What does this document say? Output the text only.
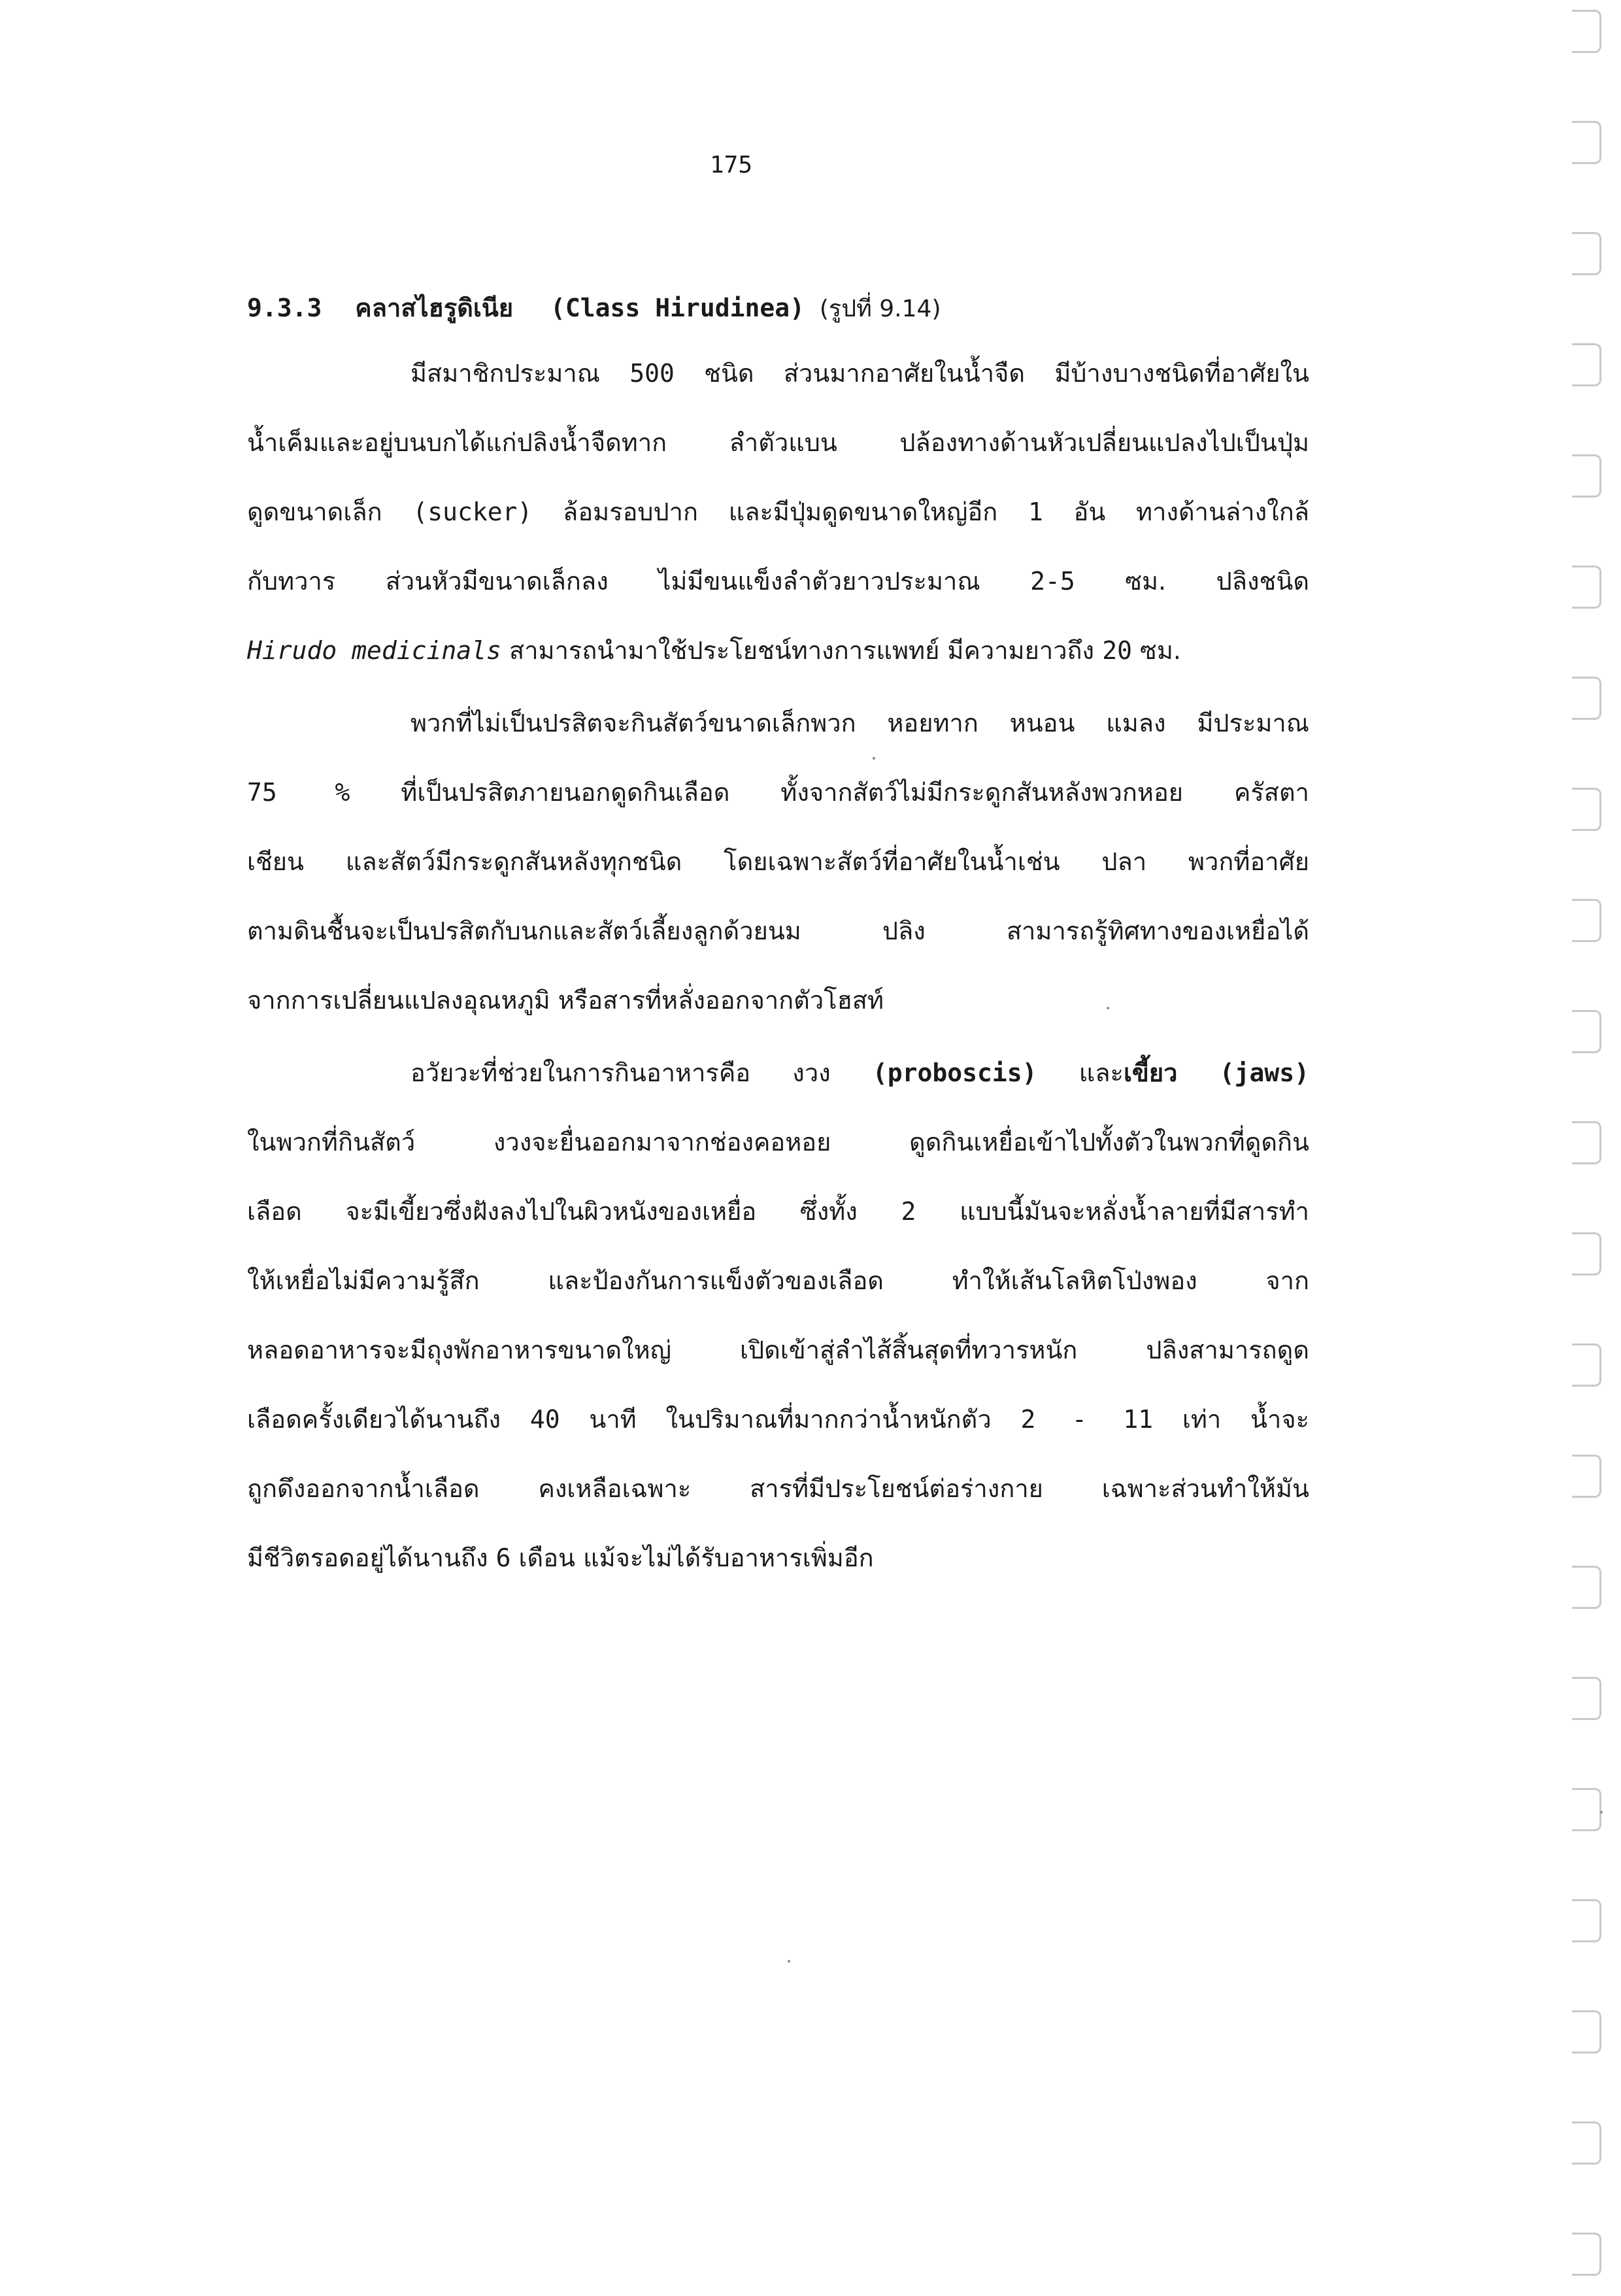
175
9.3.3 คลาสไฮรูดิเนีย (Class Hirudinea) (รูปที่ 9.14)
มีสมาชิกประมาณ 500 ชนิด ส่วนมากอาศัยในน้ำจืด มีบ้างบางชนิดที่อาศัยใน
น้ำเค็มและอยู่บนบกได้แก่ปลิงน้ำจืดทาก ลำตัวแบน ปล้องทางด้านหัวเปลี่ยนแปลงไปเป็นปุ่ม
ดูดขนาดเล็ก (sucker) ล้อมรอบปาก และมีปุ่มดูดขนาดใหญ่อีก 1 อัน ทางด้านล่างใกล้
กับทวาร ส่วนหัวมีขนาดเล็กลง ไม่มีขนแข็งลำตัวยาวประมาณ 2-5 ซม. ปลิงชนิด
Hirudo medicinals สามารถนำมาใช้ประโยชน์ทางการแพทย์ มีความยาวถึง 20 ซม.
พวกที่ไม่เป็นปรสิตจะกินสัตว์ขนาดเล็กพวก หอยทาก หนอน แมลง มีประมาณ
75 % ที่เป็นปรสิตภายนอกดูดกินเลือด ทั้งจากสัตว์ไม่มีกระดูกสันหลังพวกหอย ครัสตา
เชียน และสัตว์มีกระดูกสันหลังทุกชนิด โดยเฉพาะสัตว์ที่อาศัยในน้ำเช่น ปลา พวกที่อาศัย
ตามดินชื้นจะเป็นปรสิตกับนกและสัตว์เลี้ยงลูกด้วยนม ปลิง สามารถรู้ทิศทางของเหยื่อได้
จากการเปลี่ยนแปลงอุณหภูมิ หรือสารที่หลั่งออกจากตัวโฮสท์
อวัยวะที่ช่วยในการกินอาหารคือ งวง (proboscis) และเขี้ยว (jaws)
ในพวกที่กินสัตว์ งวงจะยื่นออกมาจากช่องคอหอย ดูดกินเหยื่อเข้าไปทั้งตัวในพวกที่ดูดกิน
เลือด จะมีเขี้ยวซึ่งฝังลงไปในผิวหนังของเหยื่อ ซึ่งทั้ง 2 แบบนี้มันจะหลั่งน้ำลายที่มีสารทำ
ให้เหยื่อไม่มีความรู้สึก และป้องกันการแข็งตัวของเลือด ทำให้เส้นโลหิตโป่งพอง จาก
หลอดอาหารจะมีถุงพักอาหารขนาดใหญ่ เปิดเข้าสู่ลำไส้สิ้นสุดที่ทวารหนัก ปลิงสามารถดูด
เลือดครั้งเดียวได้นานถึง 40 นาที ในปริมาณที่มากกว่าน้ำหนักตัว 2 - 11 เท่า น้ำจะ
ถูกดึงออกจากน้ำเลือด คงเหลือเฉพาะ สารที่มีประโยชน์ต่อร่างกาย เฉพาะส่วนทำให้มัน
มีชีวิตรอดอยู่ได้นานถึง 6 เดือน แม้จะไม่ได้รับอาหารเพิ่มอีก
